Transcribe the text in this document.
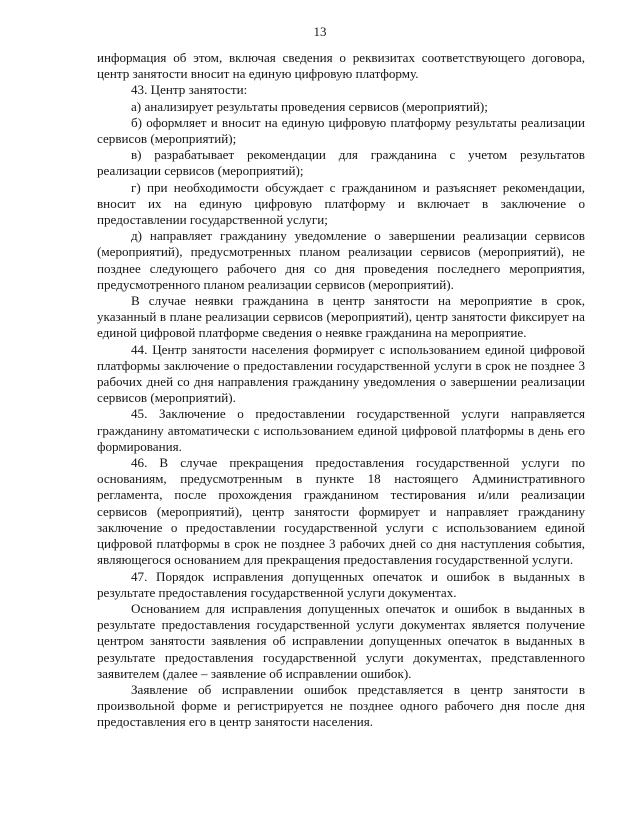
13

информация об этом, включая сведения о реквизитах соответствующего договора, центр занятости вносит на единую цифровую платформу.

43. Центр занятости:

а) анализирует результаты проведения сервисов (мероприятий);

б) оформляет и вносит на единую цифровую платформу результаты реализации сервисов (мероприятий);

в) разрабатывает рекомендации для гражданина с учетом результатов реализации сервисов (мероприятий);

г) при необходимости обсуждает с гражданином и разъясняет рекомендации, вносит их на единую цифровую платформу и включает в заключение о предоставлении государственной услуги;

д) направляет гражданину уведомление о завершении реализации сервисов (мероприятий), предусмотренных планом реализации сервисов (мероприятий), не позднее следующего рабочего дня со дня проведения последнего мероприятия, предусмотренного планом реализации сервисов (мероприятий).

В случае неявки гражданина в центр занятости на мероприятие в срок, указанный в плане реализации сервисов (мероприятий), центр занятости фиксирует на единой цифровой платформе сведения о неявке гражданина на мероприятие.

44. Центр занятости населения формирует с использованием единой цифровой платформы заключение о предоставлении государственной услуги в срок не позднее 3 рабочих дней со дня направления гражданину уведомления о завершении реализации сервисов (мероприятий).

45. Заключение о предоставлении государственной услуги направляется гражданину автоматически с использованием единой цифровой платформы в день его формирования.

46. В случае прекращения предоставления государственной услуги по основаниям, предусмотренным в пункте 18 настоящего Административного регламента, после прохождения гражданином тестирования и/или реализации сервисов (мероприятий), центр занятости формирует и направляет гражданину заключение о предоставлении государственной услуги с использованием единой цифровой платформы в срок не позднее 3 рабочих дней со дня наступления события, являющегося основанием для прекращения предоставления государственной услуги.

47. Порядок исправления допущенных опечаток и ошибок в выданных в результате предоставления государственной услуги документах.

Основанием для исправления допущенных опечаток и ошибок в выданных в результате предоставления государственной услуги документах является получение центром занятости заявления об исправлении допущенных опечаток в выданных в результате предоставления государственной услуги документах, представленного заявителем (далее – заявление об исправлении ошибок).

Заявление об исправлении ошибок представляется в центр занятости в произвольной форме и регистрируется не позднее одного рабочего дня после дня предоставления его в центр занятости населения.
